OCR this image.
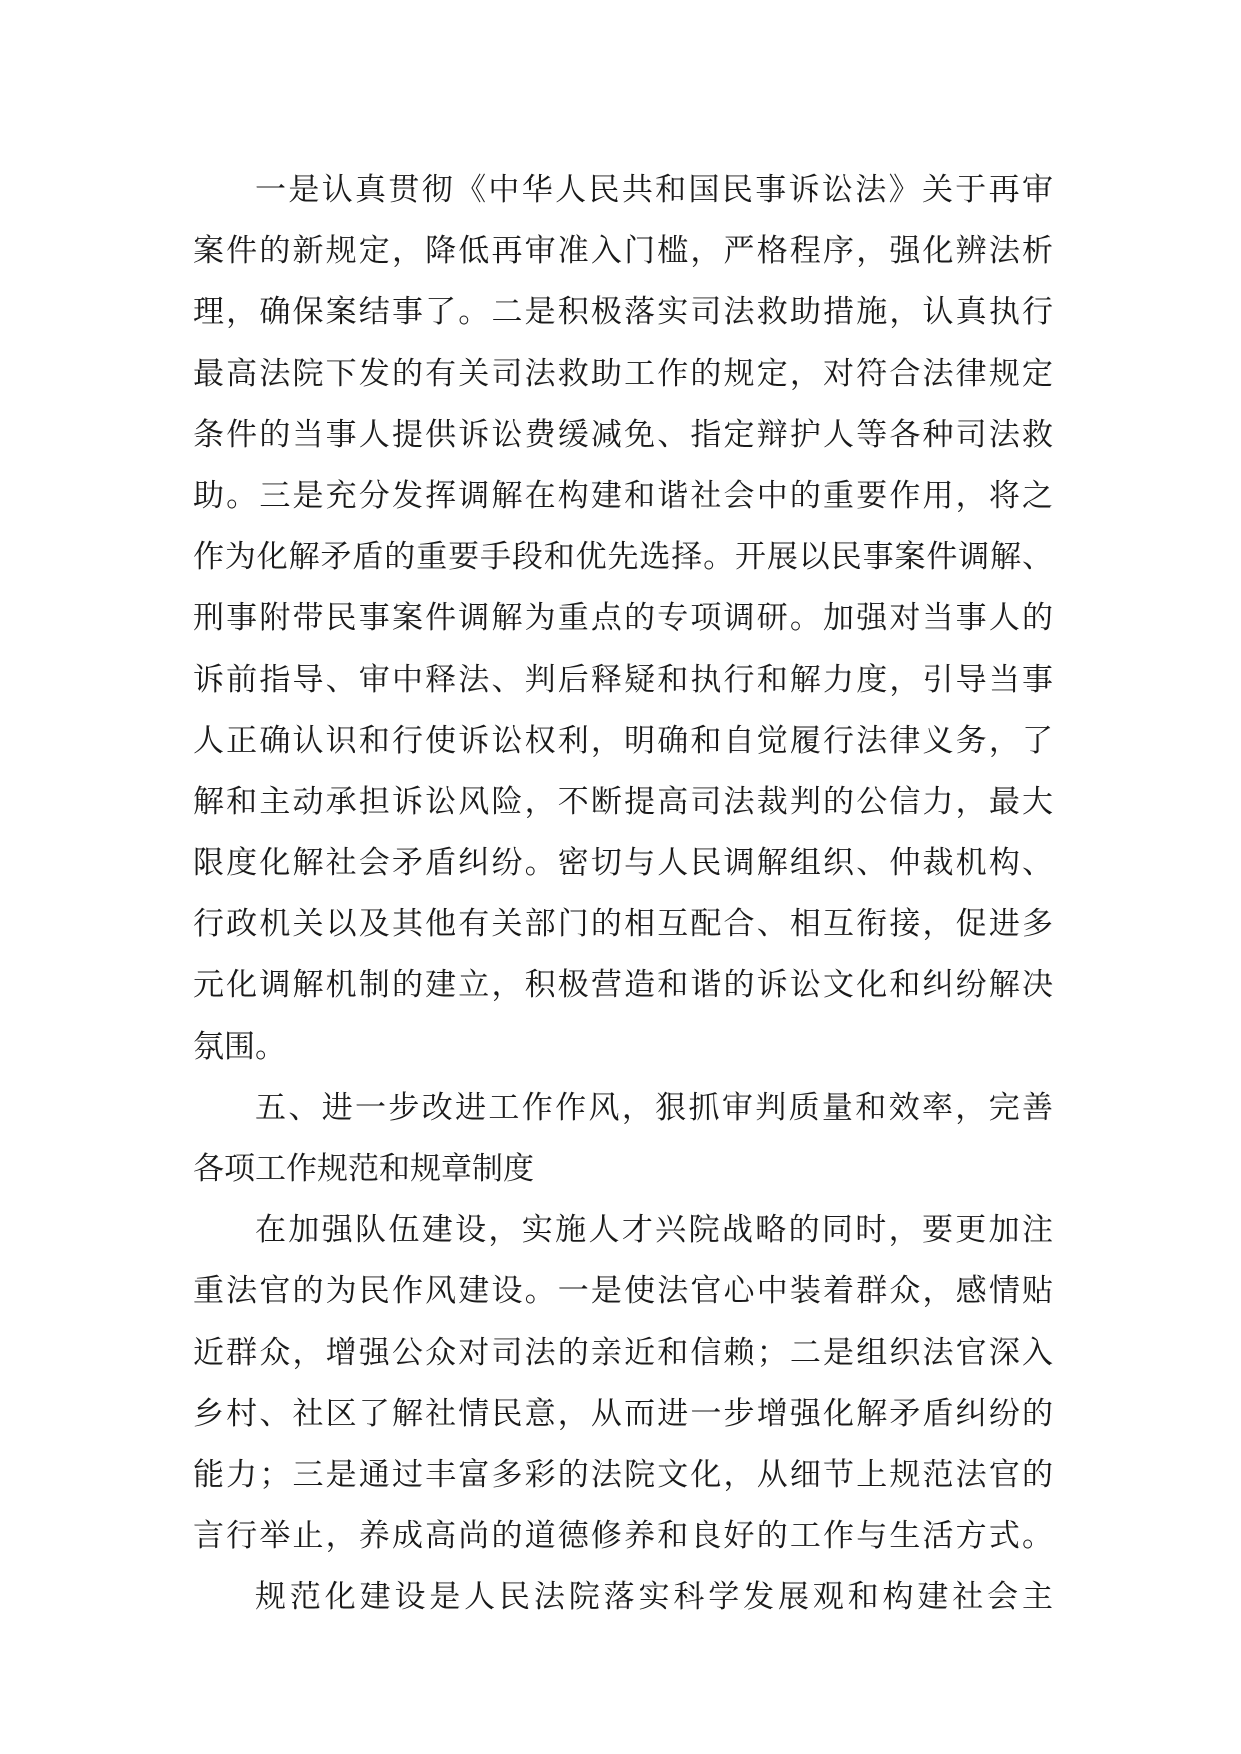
一是认真贯彻《中华人民共和国民事诉讼法》关于再审
案件的新规定，降低再审准入门槛，严格程序，强化辨法析
理，确保案结事了。二是积极落实司法救助措施，认真执行
最高法院下发的有关司法救助工作的规定，对符合法律规定
条件的当事人提供诉讼费缓减免、指定辩护人等各种司法救
助。三是充分发挥调解在构建和谐社会中的重要作用，将之
作为化解矛盾的重要手段和优先选择。开展以民事案件调解、
刑事附带民事案件调解为重点的专项调研。加强对当事人的
诉前指导、审中释法、判后释疑和执行和解力度，引导当事
人正确认识和行使诉讼权利，明确和自觉履行法律义务，了
解和主动承担诉讼风险，不断提高司法裁判的公信力，最大
限度化解社会矛盾纠纷。密切与人民调解组织、仲裁机构、
行政机关以及其他有关部门的相互配合、相互衔接，促进多
元化调解机制的建立，积极营造和谐的诉讼文化和纠纷解决
氛围。
五、进一步改进工作作风，狠抓审判质量和效率，完善
各项工作规范和规章制度
在加强队伍建设，实施人才兴院战略的同时，要更加注
重法官的为民作风建设。一是使法官心中装着群众，感情贴
近群众，增强公众对司法的亲近和信赖；二是组织法官深入
乡村、社区了解社情民意，从而进一步增强化解矛盾纠纷的
能力；三是通过丰富多彩的法院文化，从细节上规范法官的
言行举止，养成高尚的道德修养和良好的工作与生活方式。
规范化建设是人民法院落实科学发展观和构建社会主
